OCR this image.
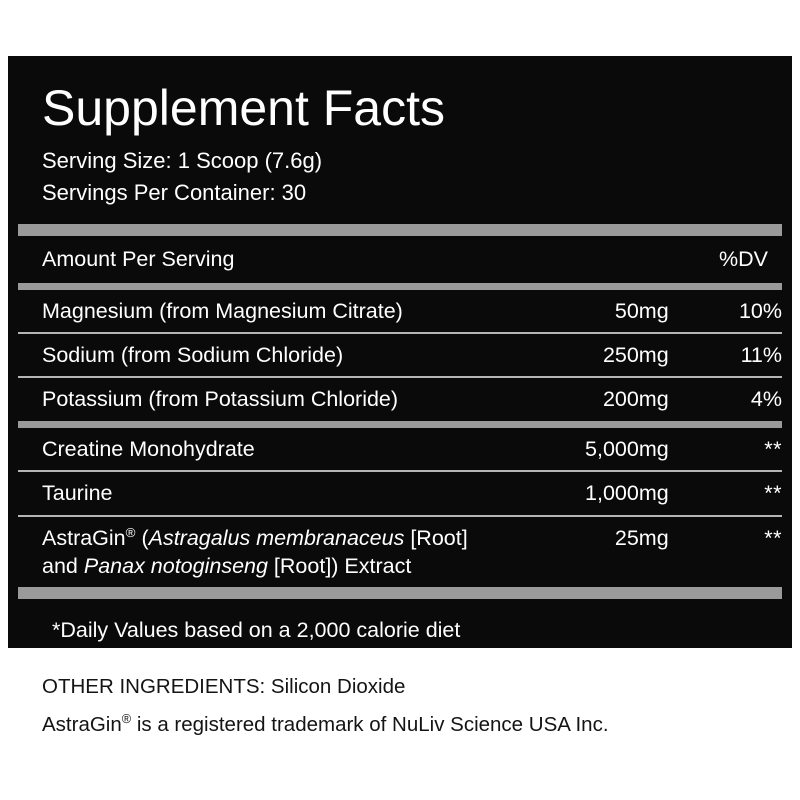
Supplement Facts
Serving Size: 1 Scoop (7.6g)
Servings Per Container: 30
Amount Per Serving		%DV

Magnesium (from Magnesium Citrate)	50mg	10%

Sodium (from Sodium Chloride)	250mg	11%

Potassium (from Potassium Chloride)	200mg	4%

Creatine Monohydrate	5,000mg	**

Taurine	1,000mg	**

AstraGin® (Astragalus membranaceus [Root]
and Panax notoginseng [Root]) Extract	25mg	**
*Daily Values based on a 2,000 calorie diet
**No Daily Value Established
OTHER INGREDIENTS: Silicon Dioxide
AstraGin® is a registered trademark of NuLiv Science USA Inc.
